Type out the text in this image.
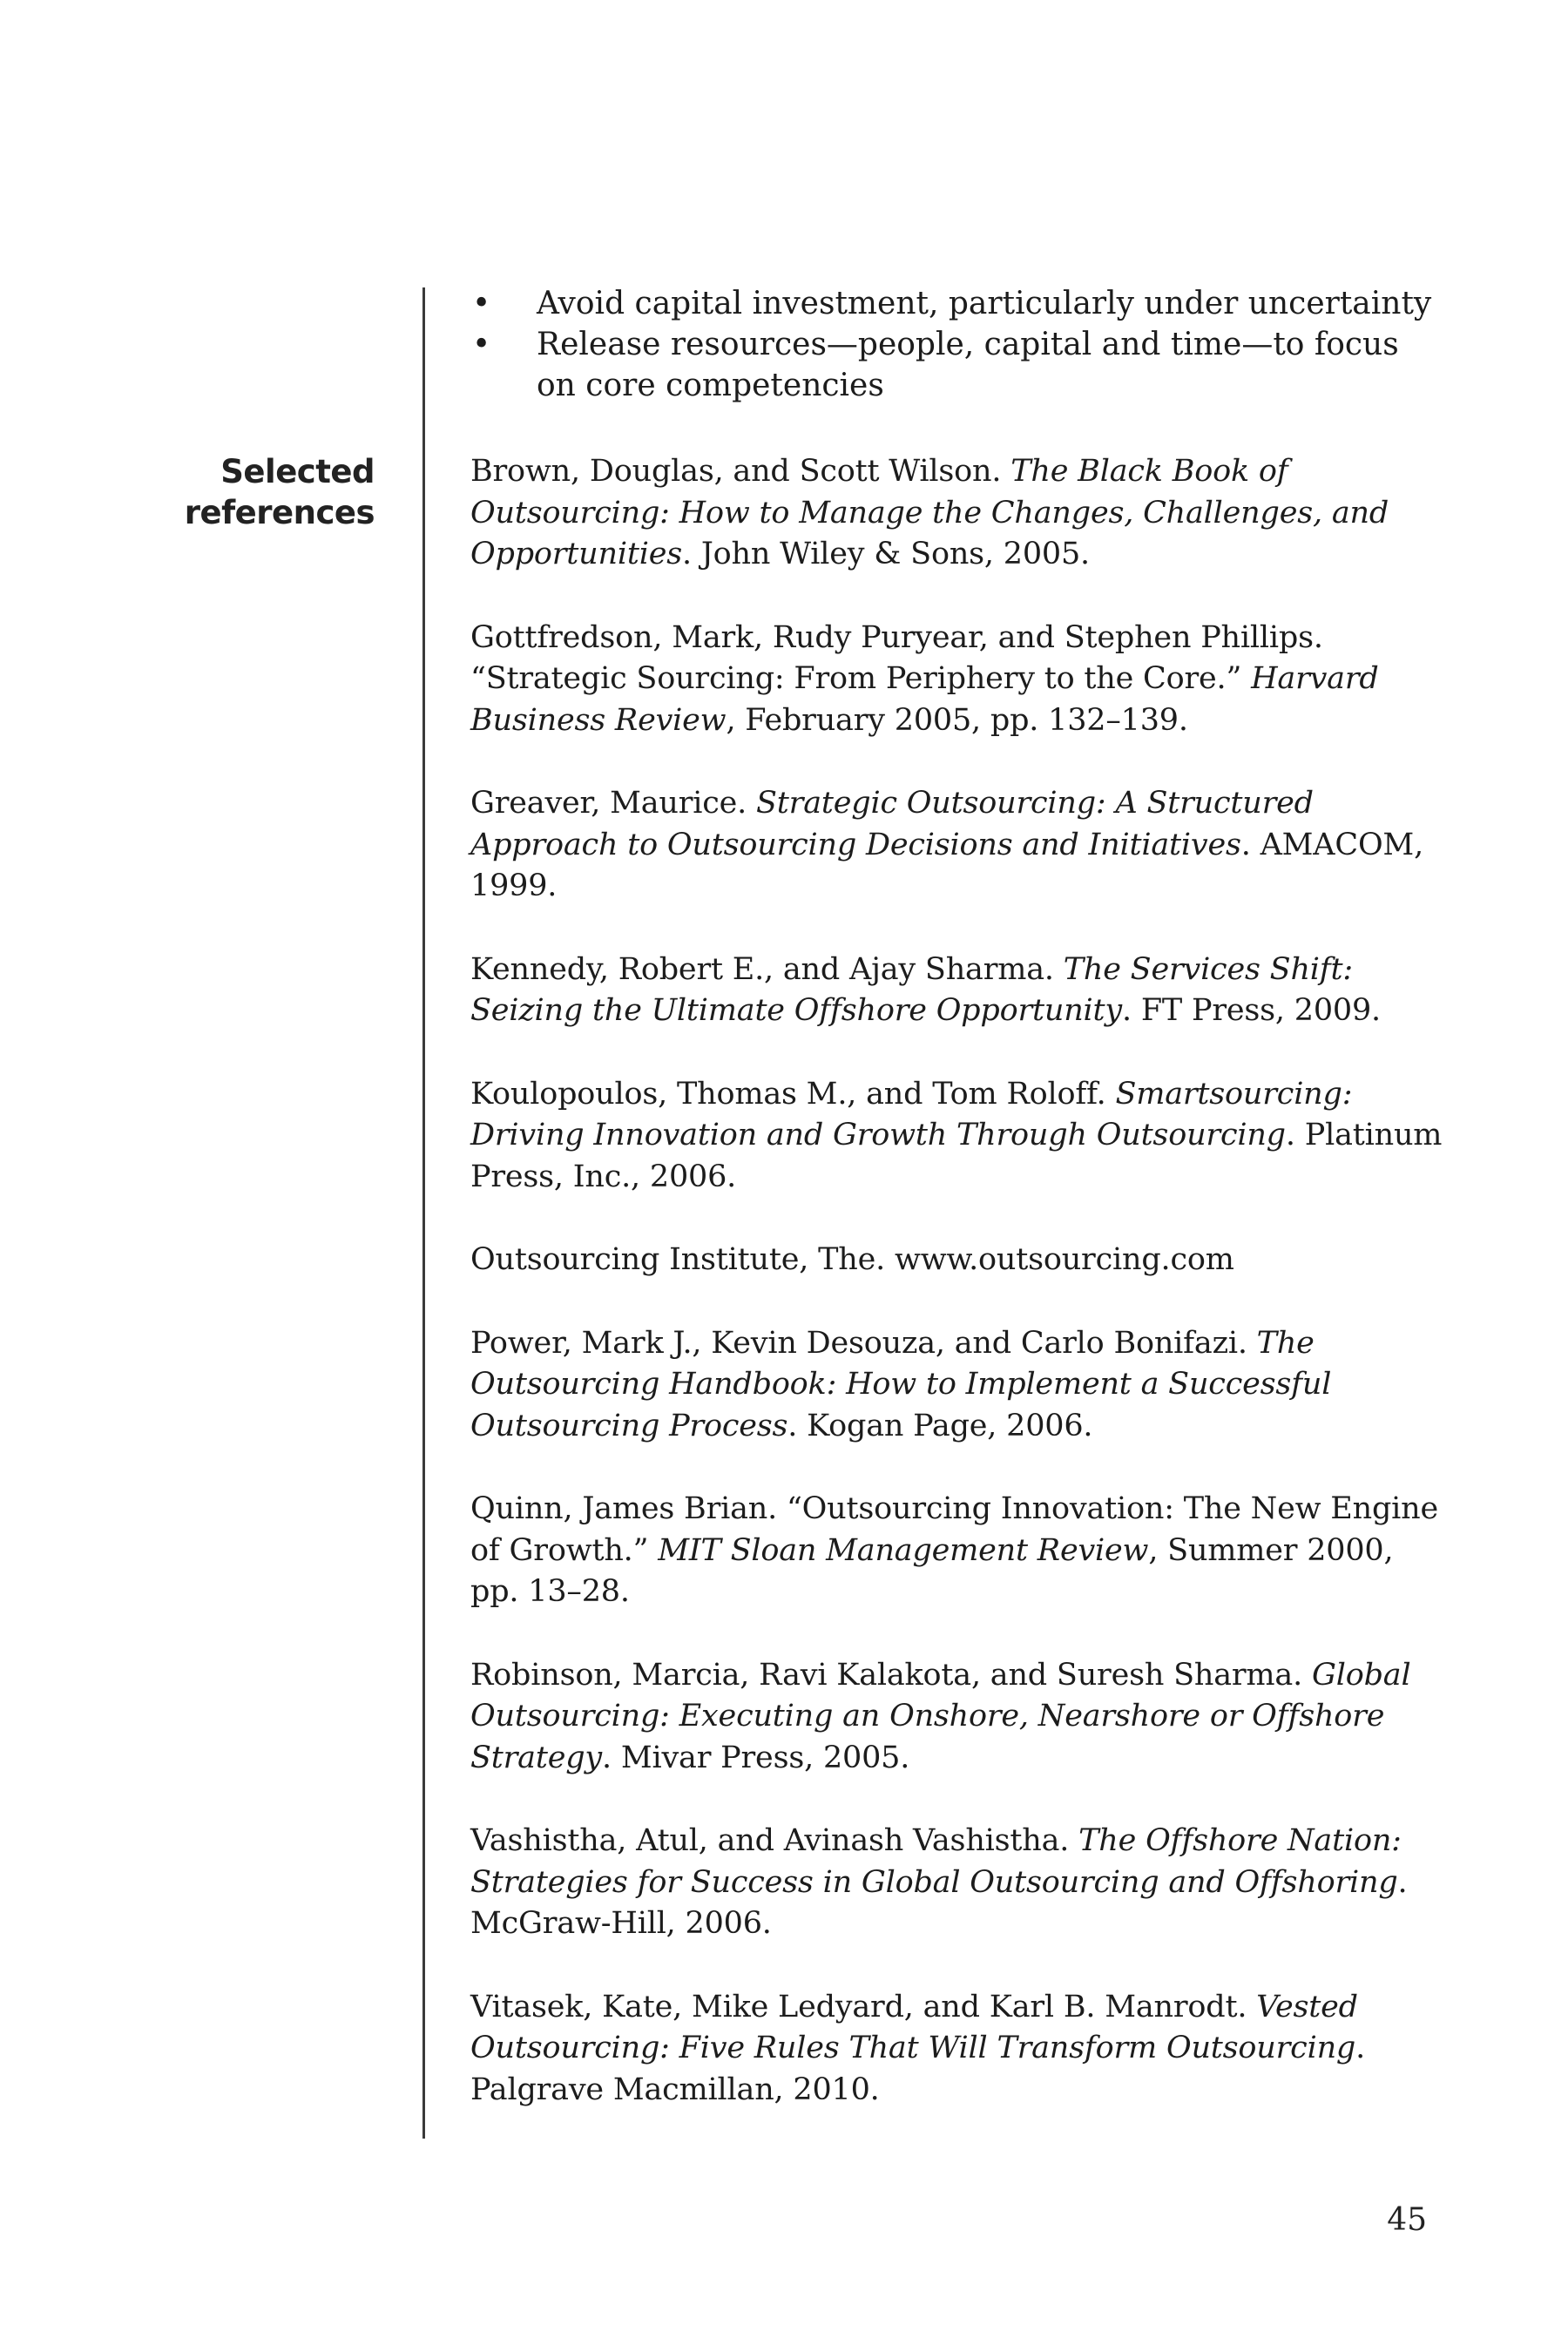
• Avoid capital investment, particularly under uncertainty
• Release resources—people, capital and time—to focus on core competencies
Selected references

Brown, Douglas, and Scott Wilson. The Black Book of Outsourcing: How to Manage the Changes, Challenges, and Opportunities. John Wiley & Sons, 2005.

Gottfredson, Mark, Rudy Puryear, and Stephen Phillips. “Strategic Sourcing: From Periphery to the Core.” Harvard Business Review, February 2005, pp. 132–139.

Greaver, Maurice. Strategic Outsourcing: A Structured Approach to Outsourcing Decisions and Initiatives. AMACOM, 1999.

Kennedy, Robert E., and Ajay Sharma. The Services Shift: Seizing the Ultimate Offshore Opportunity. FT Press, 2009.

Koulopoulos, Thomas M., and Tom Roloff. Smartsourcing: Driving Innovation and Growth Through Outsourcing. Platinum Press, Inc., 2006.

Outsourcing Institute, The. www.outsourcing.com

Power, Mark J., Kevin Desouza, and Carlo Bonifazi. The Outsourcing Handbook: How to Implement a Successful Outsourcing Process. Kogan Page, 2006.

Quinn, James Brian. “Outsourcing Innovation: The New Engine of Growth.” MIT Sloan Management Review, Summer 2000, pp. 13–28.

Robinson, Marcia, Ravi Kalakota, and Suresh Sharma. Global Outsourcing: Executing an Onshore, Nearshore or Offshore Strategy. Mivar Press, 2005.

Vashistha, Atul, and Avinash Vashistha. The Offshore Nation: Strategies for Success in Global Outsourcing and Offshoring. McGraw-Hill, 2006.

Vitasek, Kate, Mike Ledyard, and Karl B. Manrodt. Vested Outsourcing: Five Rules That Will Transform Outsourcing. Palgrave Macmillan, 2010.

45
